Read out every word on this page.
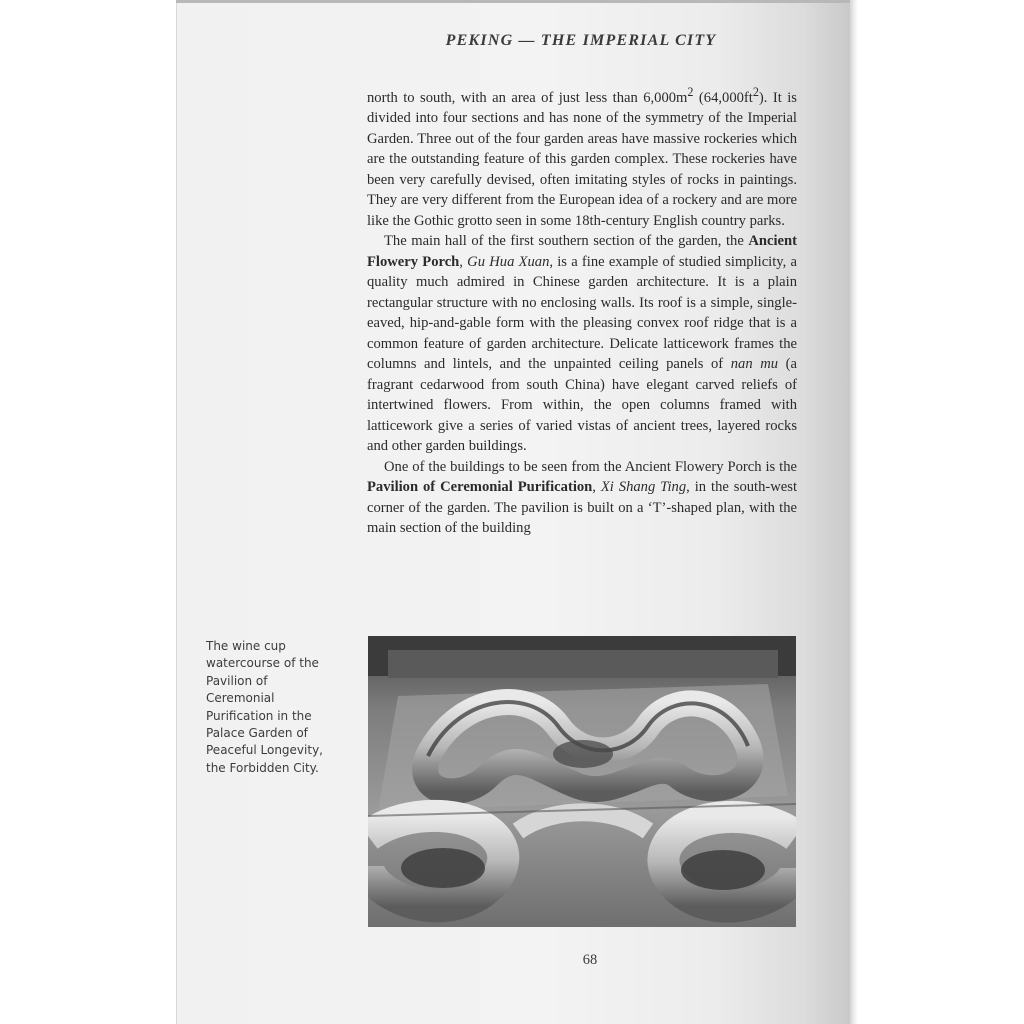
PEKING — THE IMPERIAL CITY

north to south, with an area of just less than $6,000m^2$ $(64,000ft^2)$. It is divided into four sections and has none of the symmetry of the Imperial Garden. Three out of the four garden areas have massive rockeries which are the outstanding feature of this garden complex. These rockeries have been very carefully devised, often imitating styles of rocks in paintings. They are very different from the European idea of a rockery and are more like the Gothic grotto seen in some 18th-century English country parks.

The main hall of the first southern section of the garden, the Ancient Flowery Porch, Gu Hua Xuan, is a fine example of studied simplicity, a quality much admired in Chinese garden architecture. It is a plain rectangular structure with no enclosing walls. Its roof is a simple, single-eaved, hip-and-gable form with the pleasing convex roof ridge that is a common feature of garden architecture. Delicate latticework frames the columns and lintels, and the unpainted ceiling panels of nan mu (a fragrant cedarwood from south China) have elegant carved reliefs of intertwined flowers. From within, the open columns framed with latticework give a series of varied vistas of ancient trees, layered rocks and other garden buildings.

One of the buildings to be seen from the Ancient Flowery Porch is the Pavilion of Ceremonial Purification, Xi Shang Ting, in the south-west corner of the garden. The pavilion is built on a ‘T’-shaped plan, with the main section of the building

The wine cup watercourse of the Pavilion of Ceremonial Purification in the Palace Garden of Peaceful Longevity, the Forbidden City.

68
